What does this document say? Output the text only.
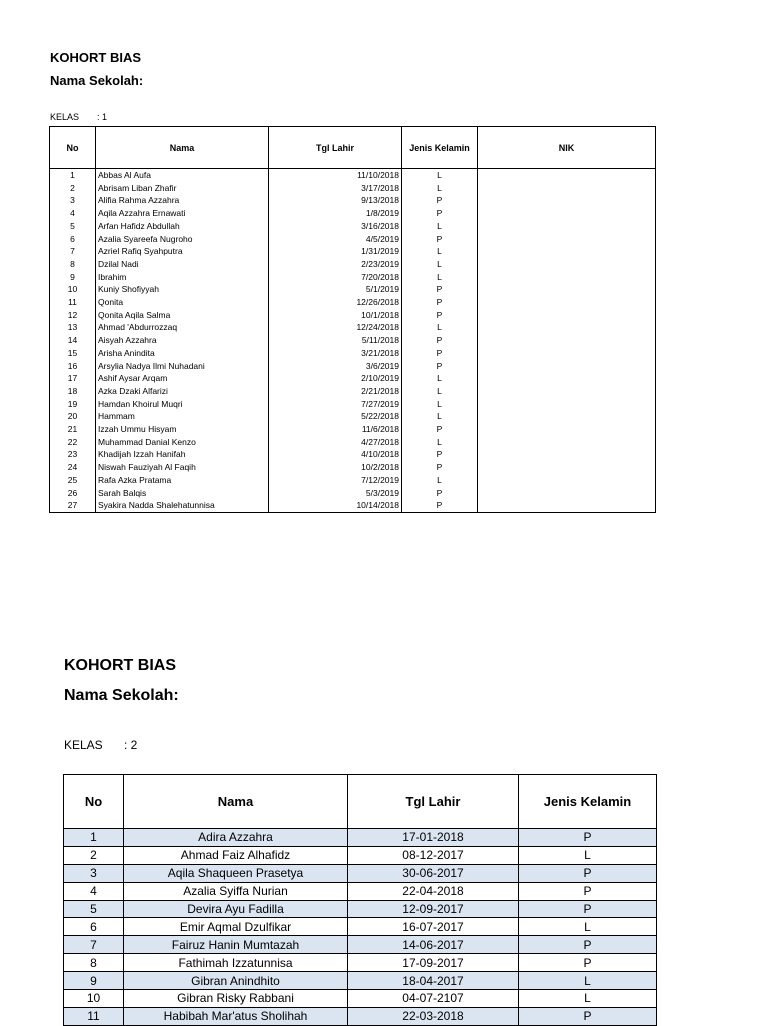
KOHORT BIAS
Nama Sekolah:
KELAS : 1
No	Nama	Tgl Lahir	Jenis Kelamin	NIK
1	Abbas Al Aufa	11/10/2018	L	
2	Abrisam Liban Zhafir	3/17/2018	L	
3	Alifia Rahma Azzahra	9/13/2018	P	
4	Aqila Azzahra Ernawati	1/8/2019	P	
5	Arfan Hafidz Abdullah	3/16/2018	L	
6	Azalia Syareefa Nugroho	4/5/2019	P	
7	Azriel Rafiq Syahputra	1/31/2019	L	
8	Dzilal Nadi	2/23/2019	L	
9	Ibrahim	7/20/2018	L	
10	Kuniy Shofiyyah	5/1/2019	P	
11	Qonita	12/26/2018	P	
12	Qonita Aqila Salma	10/1/2018	P	
13	Ahmad 'Abdurrozzaq	12/24/2018	L	
14	Aisyah Azzahra	5/11/2018	P	
15	Arisha Anindita	3/21/2018	P	
16	Arsylia Nadya Ilmi Nuhadani	3/6/2019	P	
17	Ashif Aysar Arqam	2/10/2019	L	
18	Azka Dzaki Alfarizi	2/21/2018	L	
19	Hamdan Khoirul Muqri	7/27/2019	L	
20	Hammam	5/22/2018	L	
21	Izzah Ummu Hisyam	11/6/2018	P	
22	Muhammad Danial Kenzo	4/27/2018	L	
23	Khadijah Izzah Hanifah	4/10/2018	P	
24	Niswah Fauziyah Al Faqih	10/2/2018	P	
25	Rafa Azka Pratama	7/12/2019	L	
26	Sarah Balqis	5/3/2019	P	
27	Syakira Nadda Shalehatunnisa	10/14/2018	P	
KOHORT BIAS
Nama Sekolah:
KELAS : 2
No	Nama	Tgl Lahir	Jenis Kelamin
1	Adira Azzahra	17-01-2018	P
2	Ahmad Faiz Alhafidz	08-12-2017	L
3	Aqila Shaqueen Prasetya	30-06-2017	P
4	Azalia Syiffa Nurian	22-04-2018	P
5	Devira Ayu Fadilla	12-09-2017	P
6	Emir Aqmal Dzulfikar	16-07-2017	L
7	Fairuz Hanin Mumtazah	14-06-2017	P
8	Fathimah Izzatunnisa	17-09-2017	P
9	Gibran Anindhito	18-04-2017	L
10	Gibran Risky Rabbani	04-07-2107	L
11	Habibah Mar'atus Sholihah	22-03-2018	P
